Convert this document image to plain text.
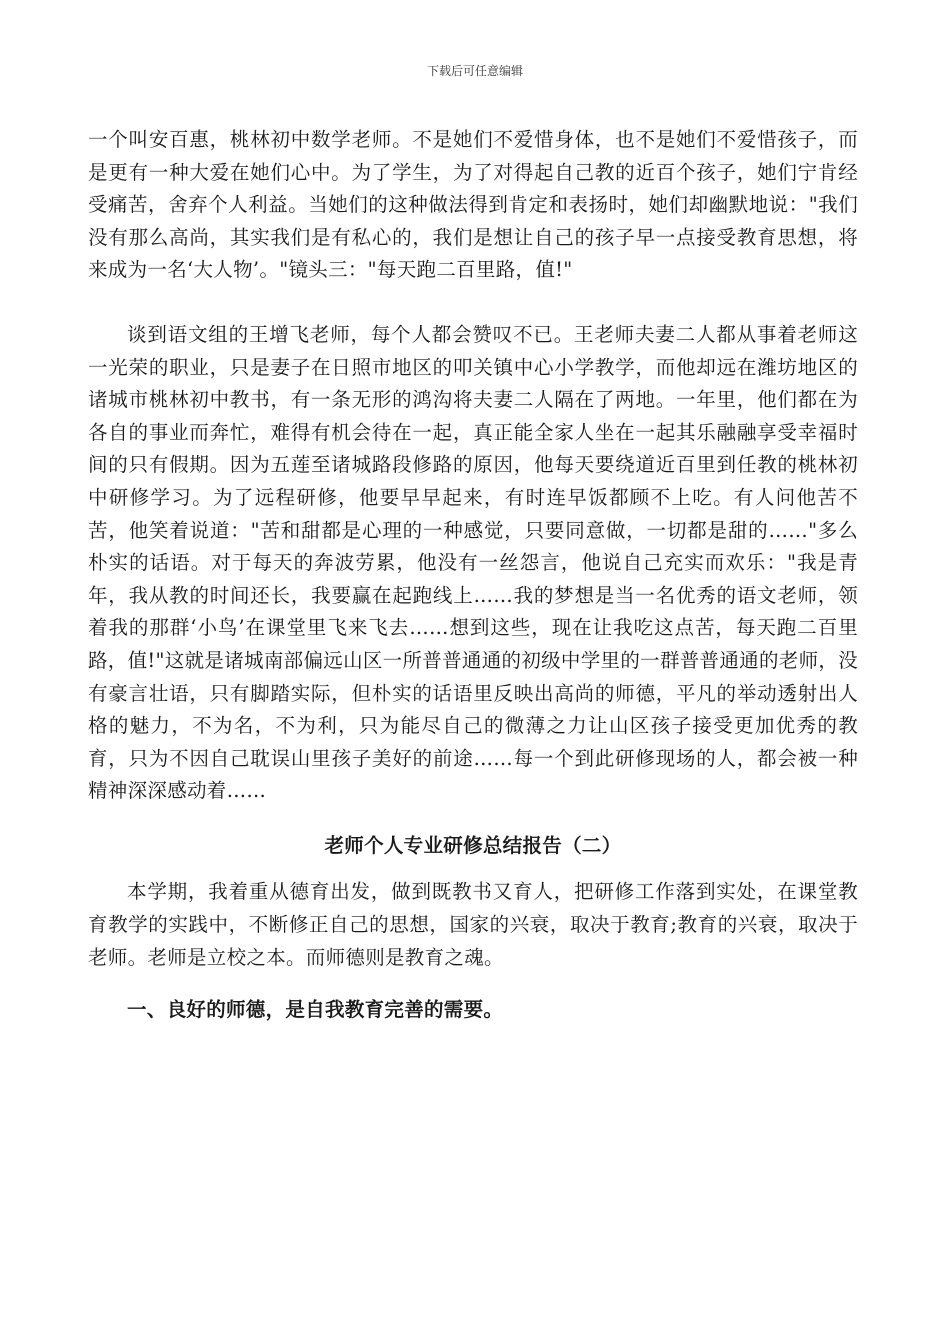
下载后可任意编辑

一个叫安百惠，桃林初中数学老师。不是她们不爱惜身体，也不是她们不爱惜孩子，而是更有一种大爱在她们心中。为了学生，为了对得起自己教的近百个孩子，她们宁肯经受痛苦，舍弃个人利益。当她们的这种做法得到肯定和表扬时，她们却幽默地说："我们没有那么高尚，其实我们是有私心的，我们是想让自己的孩子早一点接受教育思想，将来成为一名‘大人物’。"镜头三："每天跑二百里路，值!"

谈到语文组的王增飞老师，每个人都会赞叹不已。王老师夫妻二人都从事着老师这一光荣的职业，只是妻子在日照市地区的叩关镇中心小学教学，而他却远在潍坊地区的诸城市桃林初中教书，有一条无形的鸿沟将夫妻二人隔在了两地。一年里，他们都在为各自的事业而奔忙，难得有机会待在一起，真正能全家人坐在一起其乐融融享受幸福时间的只有假期。因为五莲至诸城路段修路的原因，他每天要绕道近百里到任教的桃林初中研修学习。为了远程研修，他要早早起来，有时连早饭都顾不上吃。有人问他苦不苦，他笑着说道："苦和甜都是心理的一种感觉，只要同意做，一切都是甜的……"多么朴实的话语。对于每天的奔波劳累，他没有一丝怨言，他说自己充实而欢乐："我是青年，我从教的时间还长，我要赢在起跑线上……我的梦想是当一名优秀的语文老师，领着我的那群‘小鸟’在课堂里飞来飞去……想到这些，现在让我吃这点苦，每天跑二百里路，值!"这就是诸城南部偏远山区一所普普通通的初级中学里的一群普普通通的老师，没有豪言壮语，只有脚踏实际，但朴实的话语里反映出高尚的师德，平凡的举动透射出人格的魅力，不为名，不为利，只为能尽自己的微薄之力让山区孩子接受更加优秀的教育，只为不因自己耽误山里孩子美好的前途……每一个到此研修现场的人，都会被一种精神深深感动着……

老师个人专业研修总结报告（二）

本学期，我着重从德育出发，做到既教书又育人，把研修工作落到实处，在课堂教育教学的实践中，不断修正自己的思想，国家的兴衰，取决于教育;教育的兴衰，取决于老师。老师是立校之本。而师德则是教育之魂。

一、良好的师德，是自我教育完善的需要。
